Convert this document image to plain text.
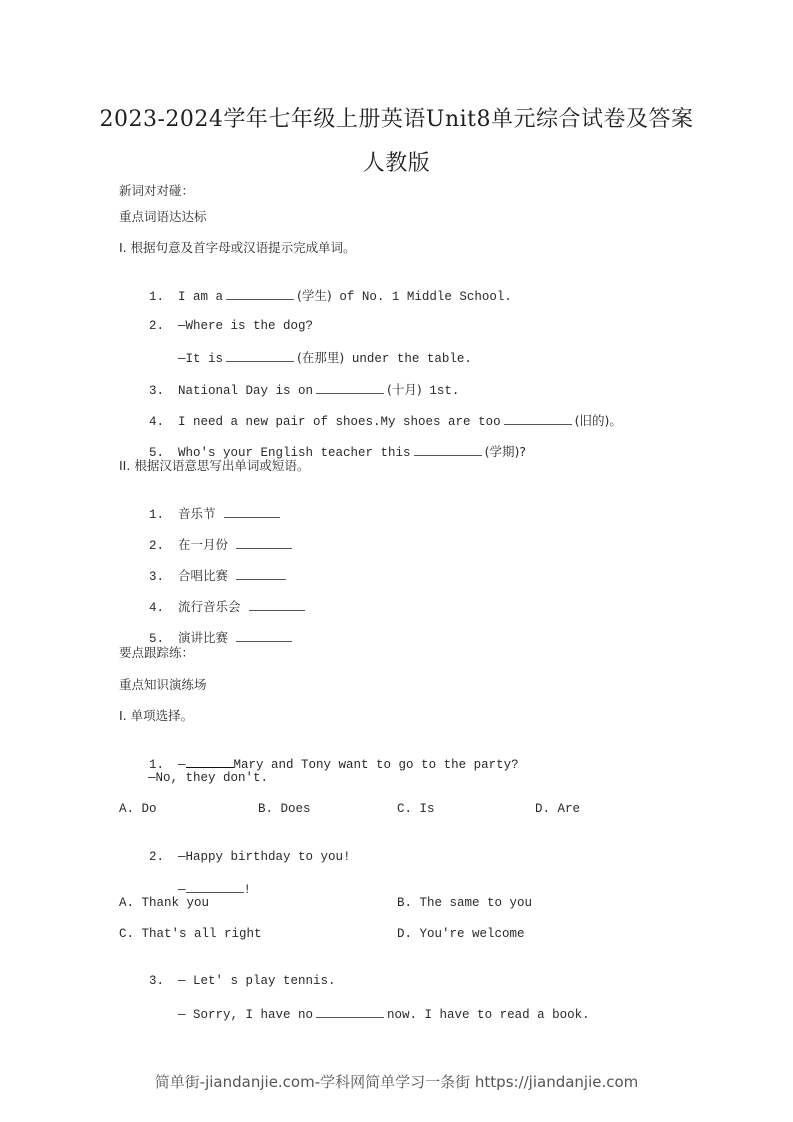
2023-2024学年七年级上册英语Unit8单元综合试卷及答案
人教版
新词对对碰：
重点词语达达标
I. 根据句意及首字母或汉语提示完成单词。

1. I am a	(学生) of No. 1 Middle School.

2. —Where is the dog?

—It is	(在那里) under the table.

3. National Day is on	(十月) 1st.

4. I need a new pair of shoes.My shoes are too	(旧的)。

5. Who's your English teacher this	(学期)?

II. 根据汉语意思写出单词或短语。

1. 音乐节

2. 在一月份

3. 合唱比赛

4. 流行音乐会

5. 演讲比赛

要点跟踪练：
重点知识演练场
I. 单项选择。

1. —	Mary and Tony want to go to the party?

—No, they don't.
A. Do	B. Does	C. Is	D. Are

2. —Happy birthday to you!

—	!

A. Thank you	B. The same to you
C. That's all right	D. You're welcome

3. — Let' s play tennis.

— Sorry, I have no	now. I have to read a book.

简单街-jiandanjie.com-学科网简单学习一条街 https://jiandanjie.com
